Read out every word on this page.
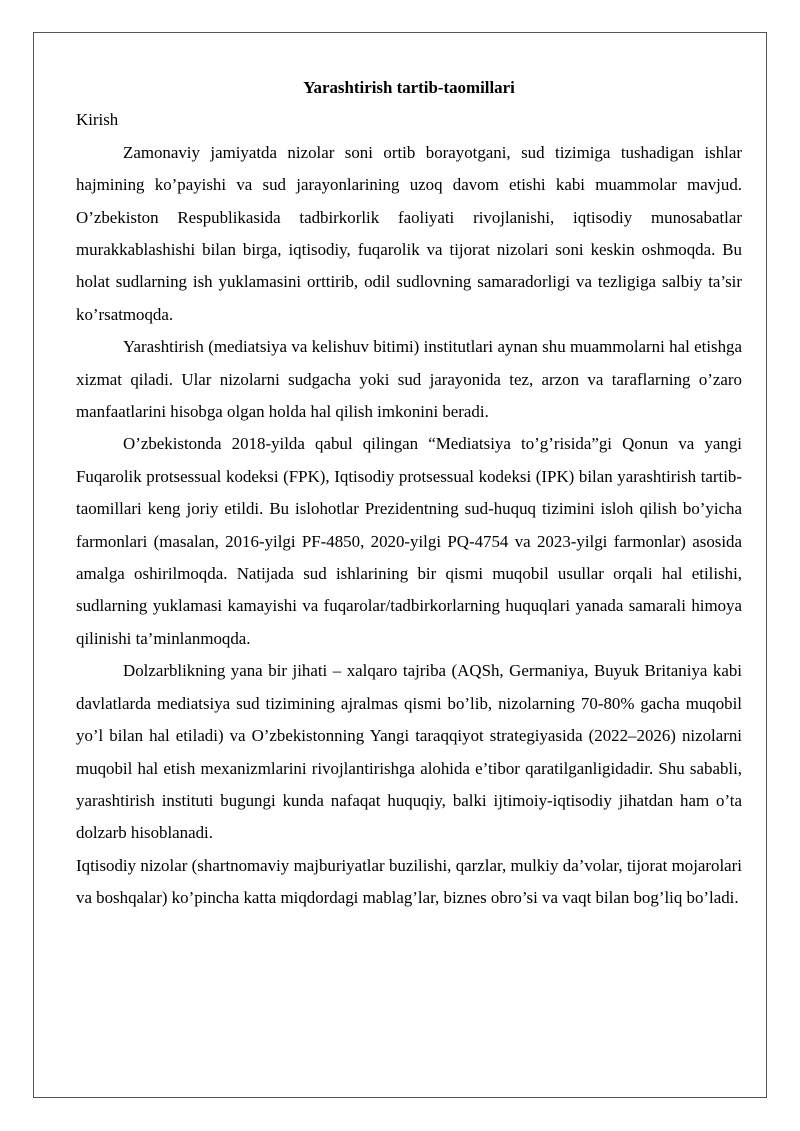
Yarashtirish tartib-taomillari

Kirish

Zamonaviy jamiyatda nizolar soni ortib borayotgani, sud tizimiga tushadigan ishlar hajmining ko’payishi va sud jarayonlarining uzoq davom etishi kabi muammolar mavjud. O’zbekiston Respublikasida tadbirkorlik faoliyati rivojlanishi, iqtisodiy munosabatlar murakkablashishi bilan birga, iqtisodiy, fuqarolik va tijorat nizolari soni keskin oshmoqda. Bu holat sudlarning ish yuklamasini orttirib, odil sudlovning samaradorligi va tezligiga salbiy ta’sir ko’rsatmoqda.

Yarashtirish (mediatsiya va kelishuv bitimi) institutlari aynan shu muammolarni hal etishga xizmat qiladi. Ular nizolarni sudgacha yoki sud jarayonida tez, arzon va taraflarning o’zaro manfaatlarini hisobga olgan holda hal qilish imkonini beradi.

O’zbekistonda 2018-yilda qabul qilingan “Mediatsiya to’g’risida”gi Qonun va yangi Fuqarolik protsessual kodeksi (FPK), Iqtisodiy protsessual kodeksi (IPK) bilan yarashtirish tartib-taomillari keng joriy etildi. Bu islohotlar Prezidentning sud-huquq tizimini isloh qilish bo’yicha farmonlari (masalan, 2016-yilgi PF-4850, 2020-yilgi PQ-4754 va 2023-yilgi farmonlar) asosida amalga oshirilmoqda. Natijada sud ishlarining bir qismi muqobil usullar orqali hal etilishi, sudlarning yuklamasi kamayishi va fuqarolar/tadbirkorlarning huquqlari yanada samarali himoya qilinishi ta’minlanmoqda.

Dolzarblikning yana bir jihati – xalqaro tajriba (AQSh, Germaniya, Buyuk Britaniya kabi davlatlarda mediatsiya sud tizimining ajralmas qismi bo’lib, nizolarning 70-80% gacha muqobil yo’l bilan hal etiladi) va O’zbekistonning Yangi taraqqiyot strategiyasida (2022–2026) nizolarni muqobil hal etish mexanizmlarini rivojlantirishga alohida e’tibor qaratilganligidadir. Shu sababli, yarashtirish instituti bugungi kunda nafaqat huquqiy, balki ijtimoiy-iqtisodiy jihatdan ham o’ta dolzarb hisoblanadi.

Iqtisodiy nizolar (shartnomaviy majburiyatlar buzilishi, qarzlar, mulkiy da’volar, tijorat mojarolari va boshqalar) ko’pincha katta miqdordagi mablag’lar, biznes obro’si va vaqt bilan bog’liq bo’ladi.
